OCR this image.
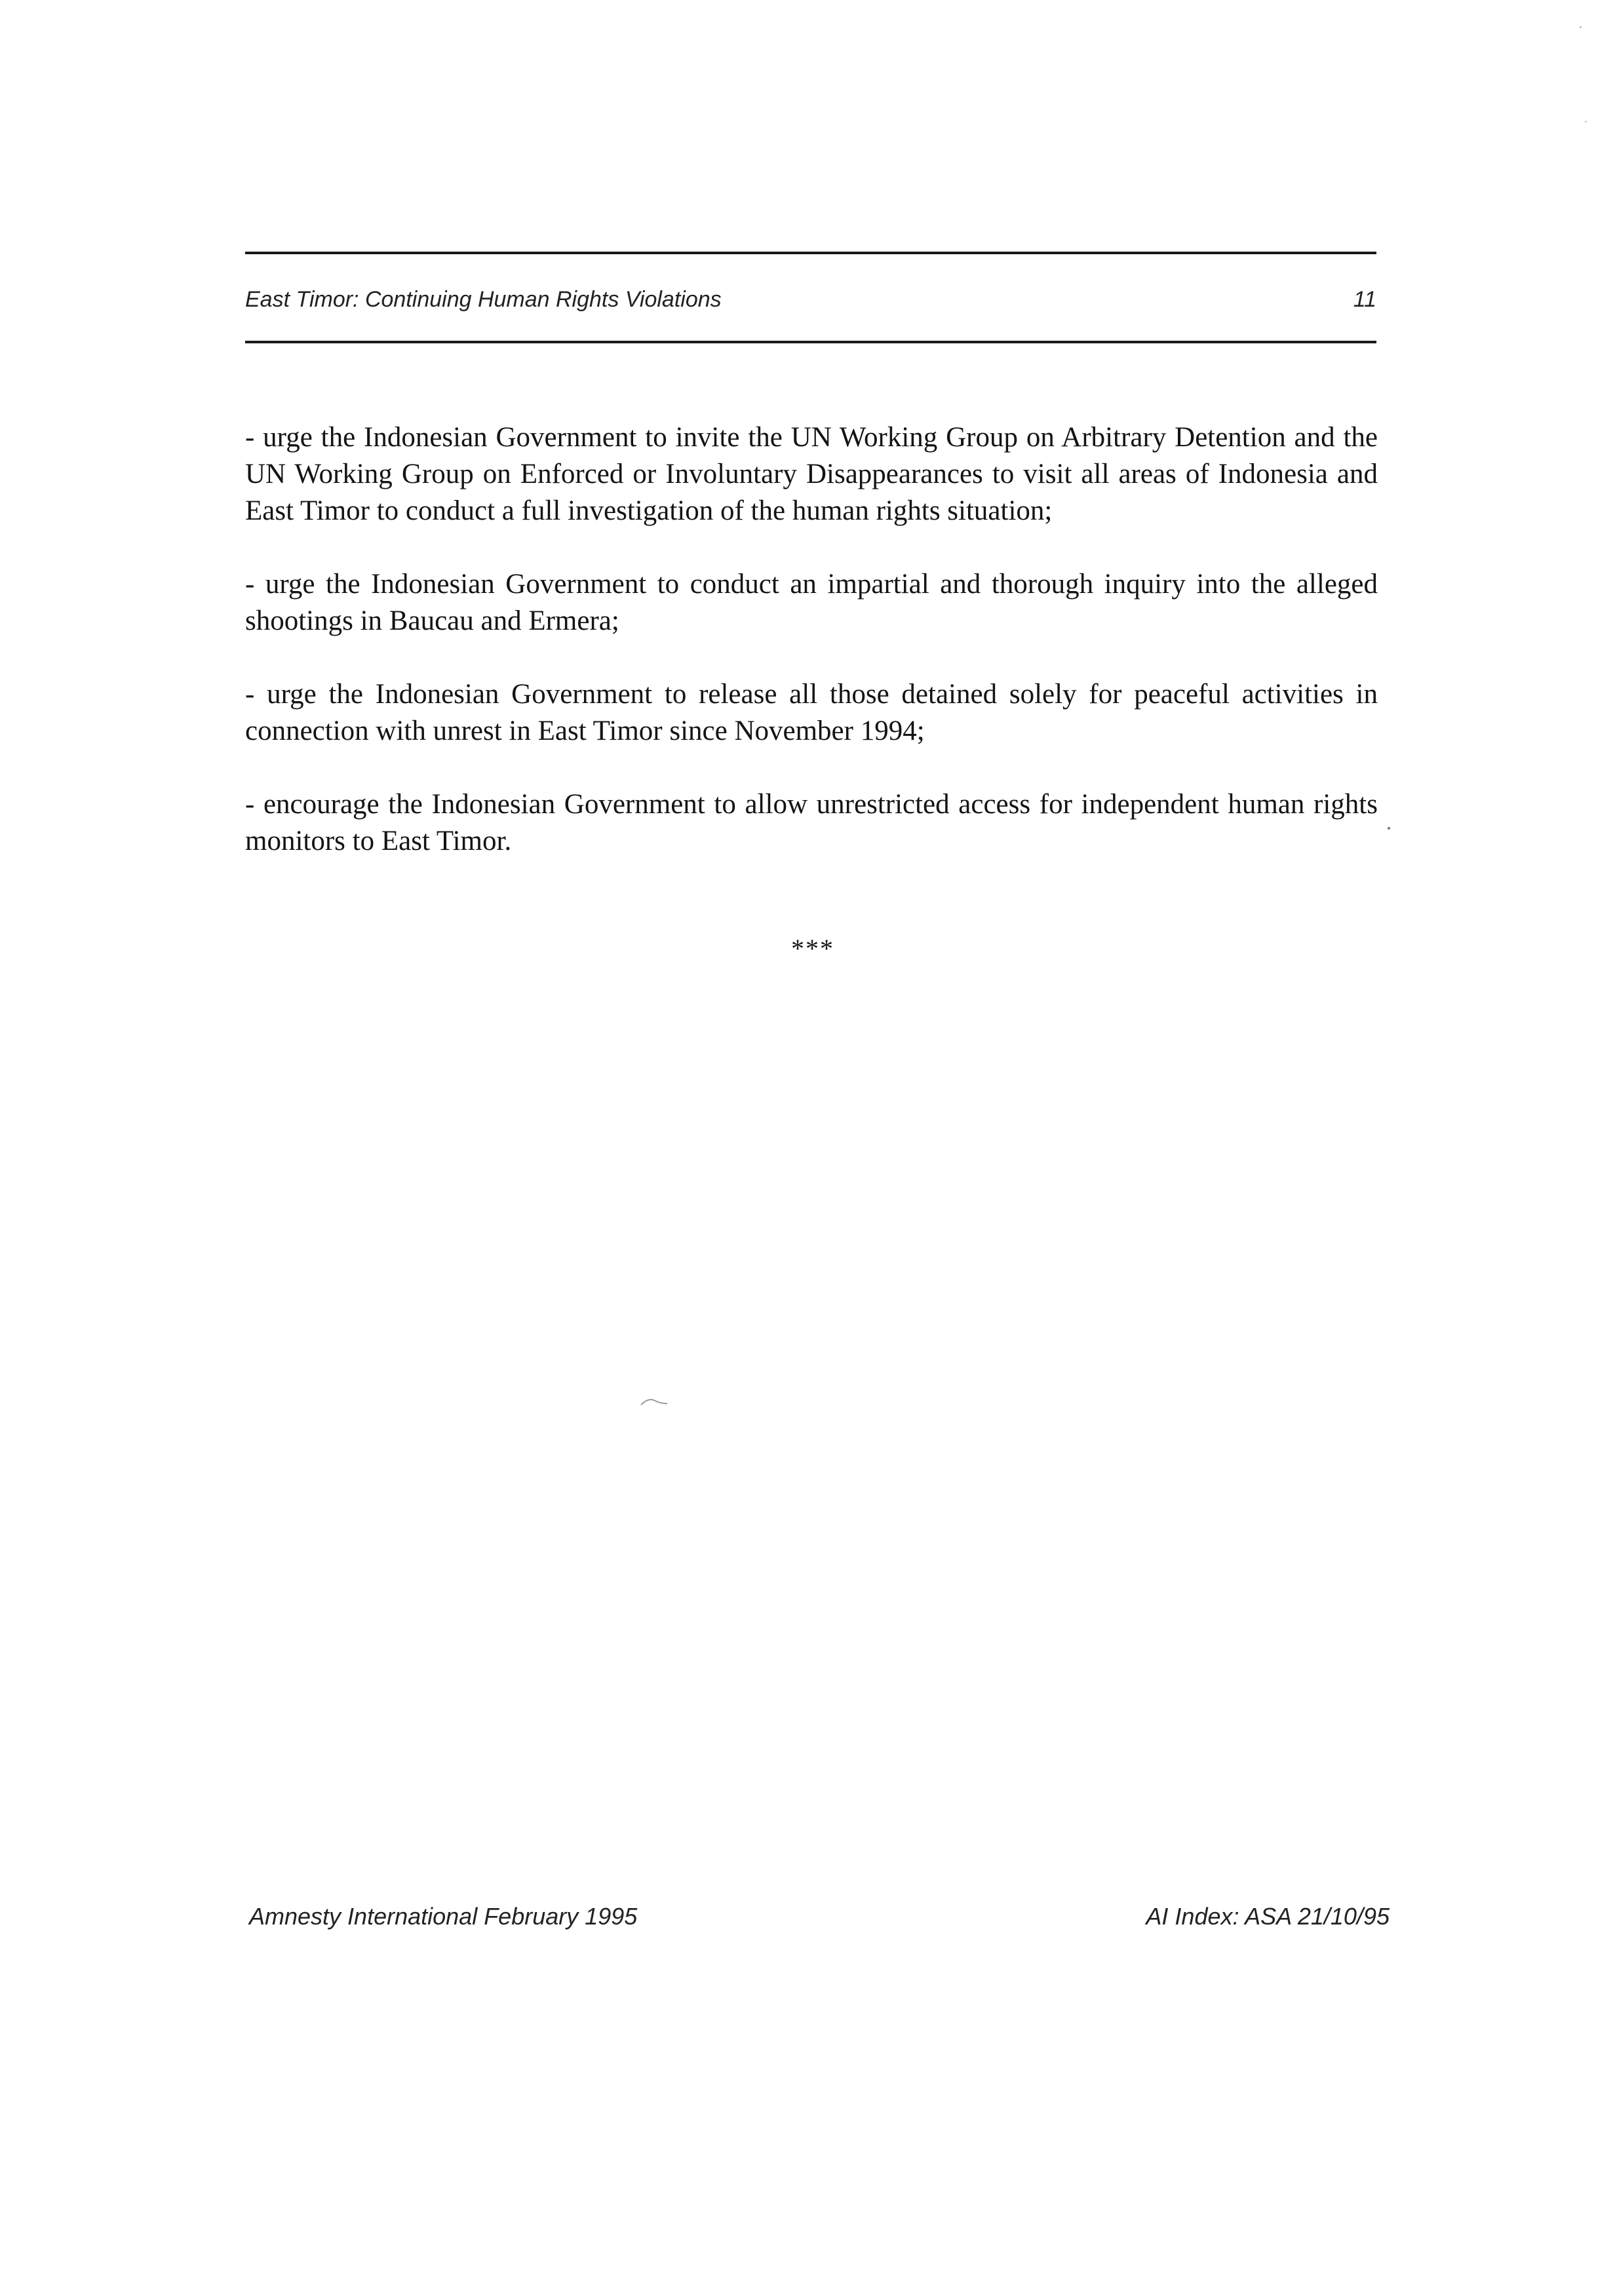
East Timor: Continuing Human Rights Violations	11

- urge the Indonesian Government to invite the UN Working Group on Arbitrary Detention and the UN Working Group on Enforced or Involuntary Disappearances to visit all areas of Indonesia and East Timor to conduct a full investigation of the human rights situation;

- urge the Indonesian Government to conduct an impartial and thorough inquiry into the alleged shootings in Baucau and Ermera;

- urge the Indonesian Government to release all those detained solely for peaceful activities in connection with unrest in East Timor since November 1994;

- encourage the Indonesian Government to allow unrestricted access for independent human rights monitors to East Timor.

***
Amnesty International February 1995	AI Index: ASA 21/10/95
